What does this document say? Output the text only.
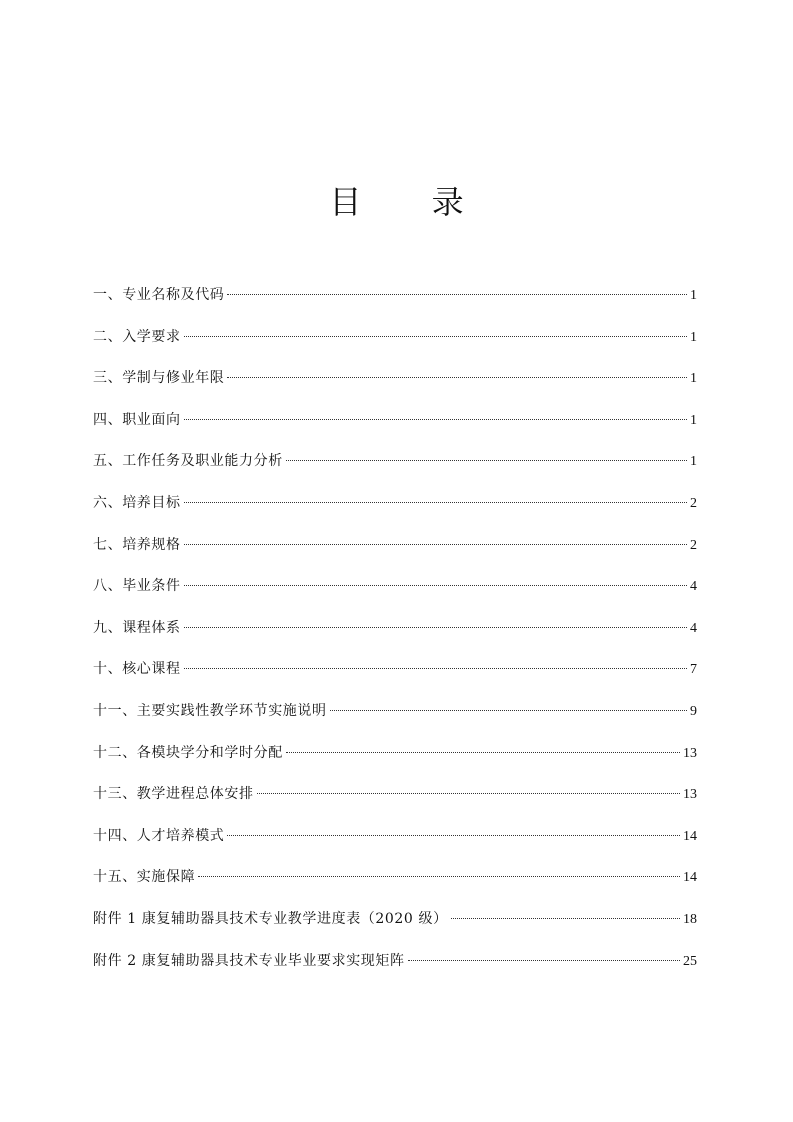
目 录
一、专业名称及代码	1
二、入学要求	1
三、学制与修业年限	1
四、职业面向	1
五、工作任务及职业能力分析	1
六、培养目标	2
七、培养规格	2
八、毕业条件	4
九、课程体系	4
十、核心课程	7
十一、主要实践性教学环节实施说明	9
十二、各模块学分和学时分配	13
十三、教学进程总体安排	13
十四、人才培养模式	14
十五、实施保障	14
附件 1 康复辅助器具技术专业教学进度表（2020 级）	18
附件 2 康复辅助器具技术专业毕业要求实现矩阵	25
